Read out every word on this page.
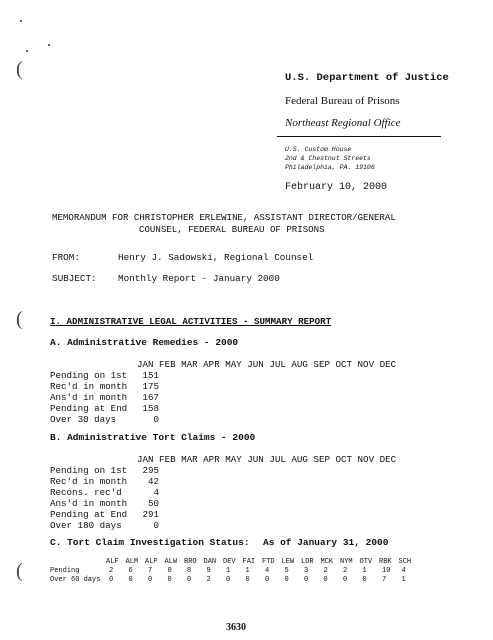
(
(
(
U.S. Department of Justice
Federal Bureau of Prisons
Northeast Regional Office
U.S. Custom House
2nd & Chestnut Streets
Philadelphia, PA. 19106
February 10, 2000
MEMORANDUM FOR CHRISTOPHER ERLEWINE, ASSISTANT DIRECTOR/GENERAL
COUNSEL, FEDERAL BUREAU OF PRISONS
FROM:	Henry J. Sadowski, Regional Counsel
SUBJECT: Monthly Report - January 2000
I. ADMINISTRATIVE LEGAL ACTIVITIES - SUMMARY REPORT
A. Administrative Remedies - 2000
JAN FEB MAR APR MAY JUN JUL AUG SEP OCT NOV DEC
Pending on 1st	151
Rec'd in month	175
Ans'd in month	167
Pending at End	158
Over 30 days	0
B. Administrative Tort Claims - 2000
JAN FEB MAR APR MAY JUN JUL AUG SEP OCT NOV DEC
Pending on 1st	295
Rec'd in month	42
Recons. rec'd	4
Ans'd in month	50
Pending at End	291
Over 180 days	0
C. Tort Claim Investigation Status: As of January 31, 2000
	ALF	ALM	ALP	ALW	BRO	DAN	DEV	FAI	FTD	LEW	LOR	MCK	NYM	OTV	RBK	SCH
Pending	2	6	7	0	8	9	1	1	4	5	3	2	2	1	10	4
Over 60 days	0	0	0	0	0	2	0	0	0	0	0	0	0	0	7	1
3630
